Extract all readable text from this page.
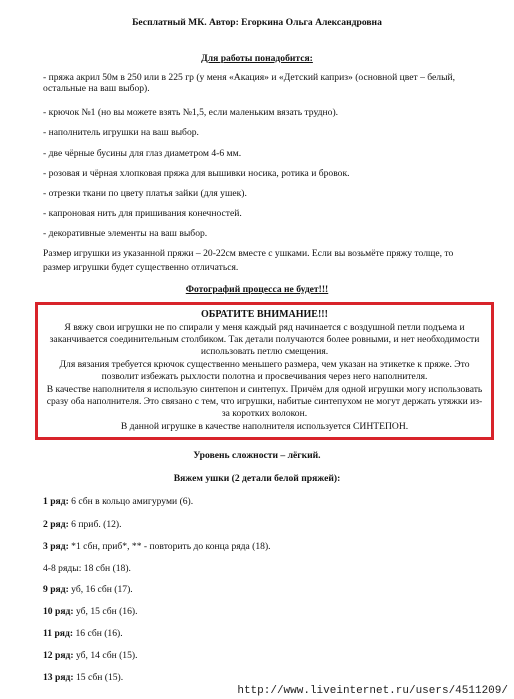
Бесплатный МК. Автор: Егоркина Ольга Александровна
Для работы понадобится:
- пряжа акрил 50м в 250 или в 225 гр (у меня «Акация» и «Детский каприз» (основной цвет – белый,
остальные на ваш выбор).
- крючок №1 (но вы можете взять №1,5, если маленьким вязать трудно).
- наполнитель игрушки на ваш выбор.
- две чёрные бусины для глаз диаметром 4-6 мм.
- розовая и чёрная хлопковая пряжа для вышивки носика, ротика и бровок.
- отрезки ткани по цвету платья зайки (для ушек).
- капроновая нить для пришивания конечностей.
- декоративные элементы на ваш выбор.
Размер игрушки из указанной пряжи – 20-22см вместе с ушками. Если вы возьмёте пряжу толще, то
размер игрушки будет существенно отличаться.
Фотографий процесса не будет!!!
ОБРАТИТЕ ВНИМАНИЕ!!!
Я вяжу свои игрушки не по спирали у меня каждый ряд начинается с воздушной петли подъема и
заканчивается соединительным столбиком. Так детали получаются более ровными, и нет необходимости
использовать петлю смещения.
Для вязания требуется крючок существенно меньшего размера, чем указан на этикетке к пряже. Это
позволит избежать рыхлости полотна и просвечивания через него наполнителя.
В качестве наполнителя я использую синтепон и синтепух. Причём для одной игрушки могу использовать
сразу оба наполнителя. Это связано с тем, что игрушки, набитые синтепухом не могут держать утяжки из-
за коротких волокон.
В данной игрушке в качестве наполнителя используется СИНТЕПОН.
Уровень сложности – лёгкий.
Вяжем ушки (2 детали белой пряжей):
1 ряд: 6 сбн в кольцо амигуруми (6).
2 ряд: 6 приб. (12).
3 ряд: *1 сбн, приб*, ** - повторить до конца ряда (18).
4-8 ряды: 18 сбн (18).
9 ряд: уб, 16 сбн (17).
10 ряд: уб, 15 сбн (16).
11 ряд: 16 сбн (16).
12 ряд: уб, 14 сбн (15).
13 ряд: 15 сбн (15).
http://www.liveinternet.ru/users/4511209/
